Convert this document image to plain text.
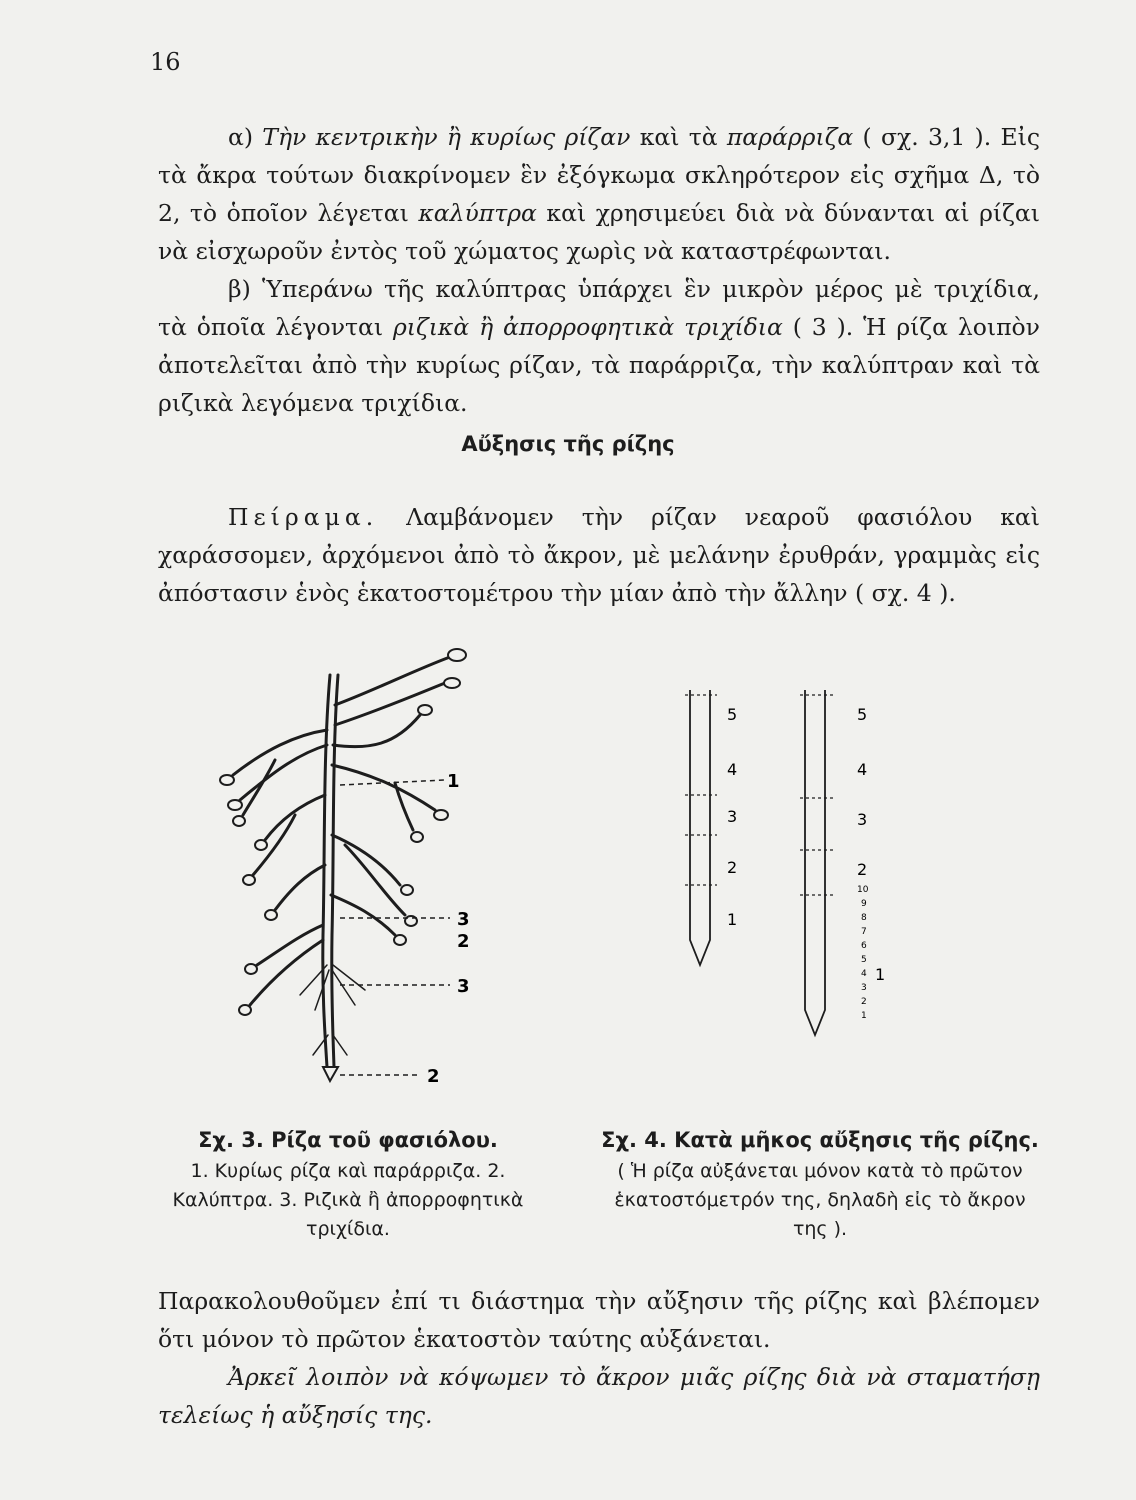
16
α) Τὴν κεντρικὴν ἢ κυρίως ρίζαν καὶ τὰ παράρριζα ( σχ. 3,1 ). Εἰς τὰ ἄκρα τούτων διακρίνομεν ἓν ἐξόγκωμα σκληρότερον εἰς σχῆμα Δ, τὸ 2, τὸ ὁποῖον λέγεται καλύπτρα καὶ χρησιμεύει διὰ νὰ δύνανται αἱ ρίζαι νὰ εἰσχωροῦν ἐντὸς τοῦ χώματος χωρὶς νὰ καταστρέφωνται.
β) Ὑπεράνω τῆς καλύπτρας ὑπάρχει ἓν μικρὸν μέρος μὲ τριχίδια, τὰ ὁποῖα λέγονται ριζικὰ ἢ ἀπορροφητικὰ τριχίδια ( 3 ). Ἡ ρίζα λοιπὸν ἀποτελεῖται ἀπὸ τὴν κυρίως ρίζαν, τὰ παράρριζα, τὴν καλύπτραν καὶ τὰ ριζικὰ λεγόμενα τριχίδια.
Αὔξησις τῆς ρίζης
Πείραμα. Λαμβάνομεν τὴν ρίζαν νεαροῦ φασιόλου καὶ χαράσσομεν, ἀρχόμενοι ἀπὸ τὸ ἄκρον, μὲ μελάνην ἐρυθράν, γραμμὰς εἰς ἀπόστασιν ἑνὸς ἑκατοστομέτρου τὴν μίαν ἀπὸ τὴν ἄλλην ( σχ. 4 ).
1
3
2
3
2
5
4
3
2
1
5
4
3
2
1
10
9
8
7
6
5
4
3
2
1
Σχ. 3. Ρίζα τοῦ φασιόλου.
1. Κυρίως ρίζα καὶ παράρριζα. 2. Καλύπτρα. 3. Ριζικὰ ἢ ἀπορροφητικὰ τριχίδια.
Σχ. 4. Κατὰ μῆκος αὔξησις τῆς ρίζης.
( Ἡ ρίζα αὐξάνεται μόνον κατὰ τὸ πρῶτον ἑκατοστόμετρόν της, δηλαδὴ εἰς τὸ ἄκρον της ).
Παρακολουθοῦμεν ἐπί τι διάστημα τὴν αὔξησιν τῆς ρίζης καὶ βλέπομεν ὅτι μόνον τὸ πρῶτον ἑκατοστὸν ταύτης αὐξάνεται.
Ἀρκεῖ λοιπὸν νὰ κόψωμεν τὸ ἄκρον μιᾶς ρίζης διὰ νὰ σταματήσῃ τελείως ἡ αὔξησίς της.
